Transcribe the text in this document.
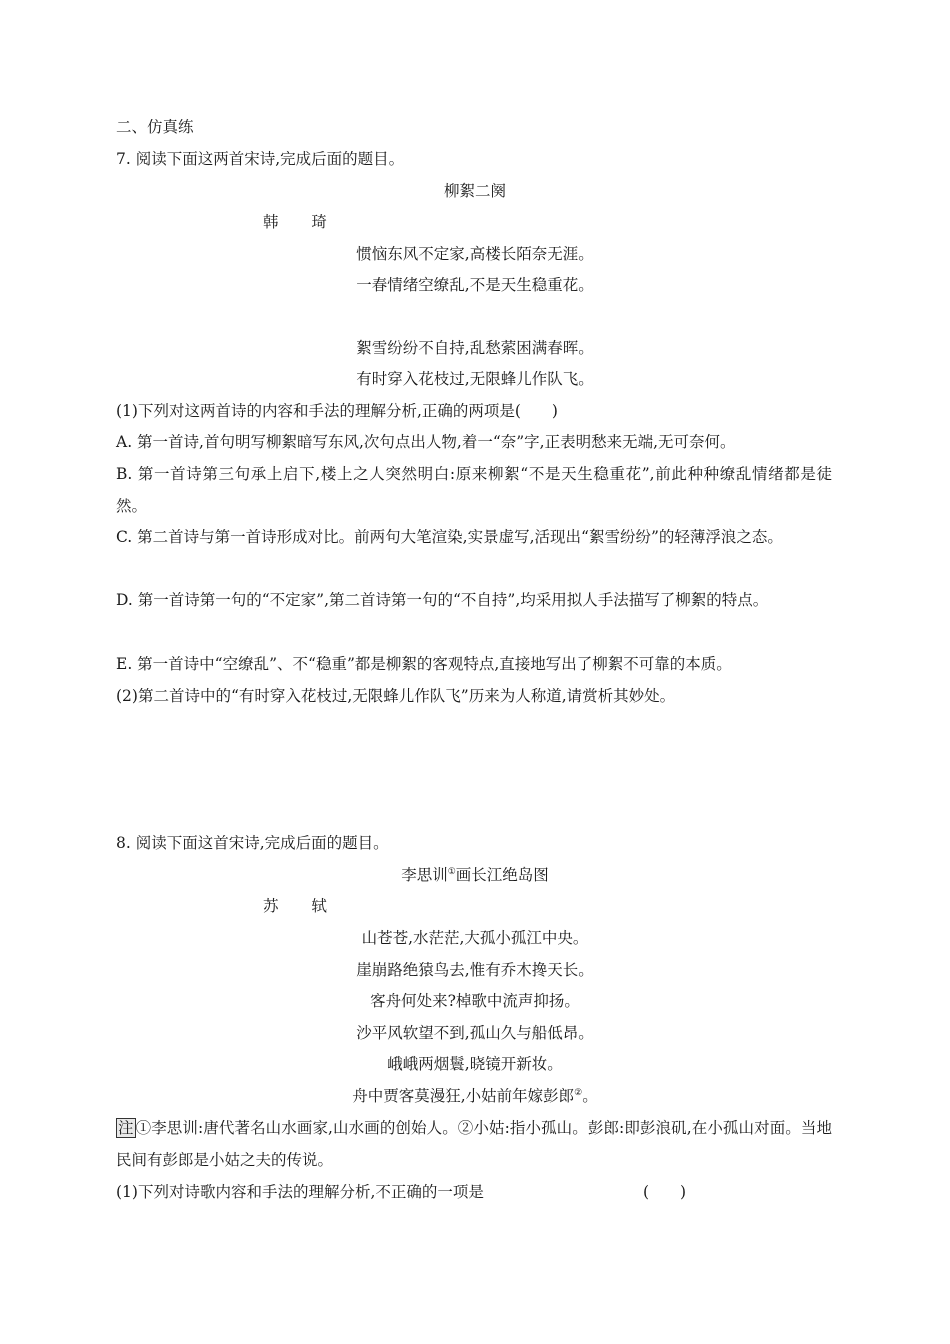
二、仿真练
7. 阅读下面这两首宋诗,完成后面的题目。
柳絮二阕
韩 琦
惯恼东风不定家,高楼长陌奈无涯。
一春情绪空缭乱,不是天生稳重花。
絮雪纷纷不自持,乱愁萦困满春晖。
有时穿入花枝过,无限蜂儿作队飞。
(1)下列对这两首诗的内容和手法的理解分析,正确的两项是(　　)
A. 第一首诗,首句明写柳絮暗写东风,次句点出人物,着一“奈”字,正表明愁来无端,无可奈何。
B. 第一首诗第三句承上启下,楼上之人突然明白:原来柳絮“不是天生稳重花”,前此种种缭乱情绪都是徒然。
C. 第二首诗与第一首诗形成对比。前两句大笔渲染,实景虚写,活现出“絮雪纷纷”的轻薄浮浪之态。
D. 第一首诗第一句的“不定家”,第二首诗第一句的“不自持”,均采用拟人手法描写了柳絮的特点。
E. 第一首诗中“空缭乱”、不“稳重”都是柳絮的客观特点,直接地写出了柳絮不可靠的本质。
(2)第二首诗中的“有时穿入花枝过,无限蜂儿作队飞”历来为人称道,请赏析其妙处。
8. 阅读下面这首宋诗,完成后面的题目。
李思训①画长江绝岛图
苏 轼
山苍苍,水茫茫,大孤小孤江中央。
崖崩路绝猿鸟去,惟有乔木搀天长。
客舟何处来?棹歌中流声抑扬。
沙平风软望不到,孤山久与船低昂。
峨峨两烟鬟,晓镜开新妆。
舟中贾客莫漫狂,小姑前年嫁彭郎②。
注 ①李思训:唐代著名山水画家,山水画的创始人。②小姑:指小孤山。彭郎:即彭浪矶,在小孤山对面。当地民间有彭郎是小姑之夫的传说。
(1)下列对诗歌内容和手法的理解分析,不正确的一项是	(　　)
